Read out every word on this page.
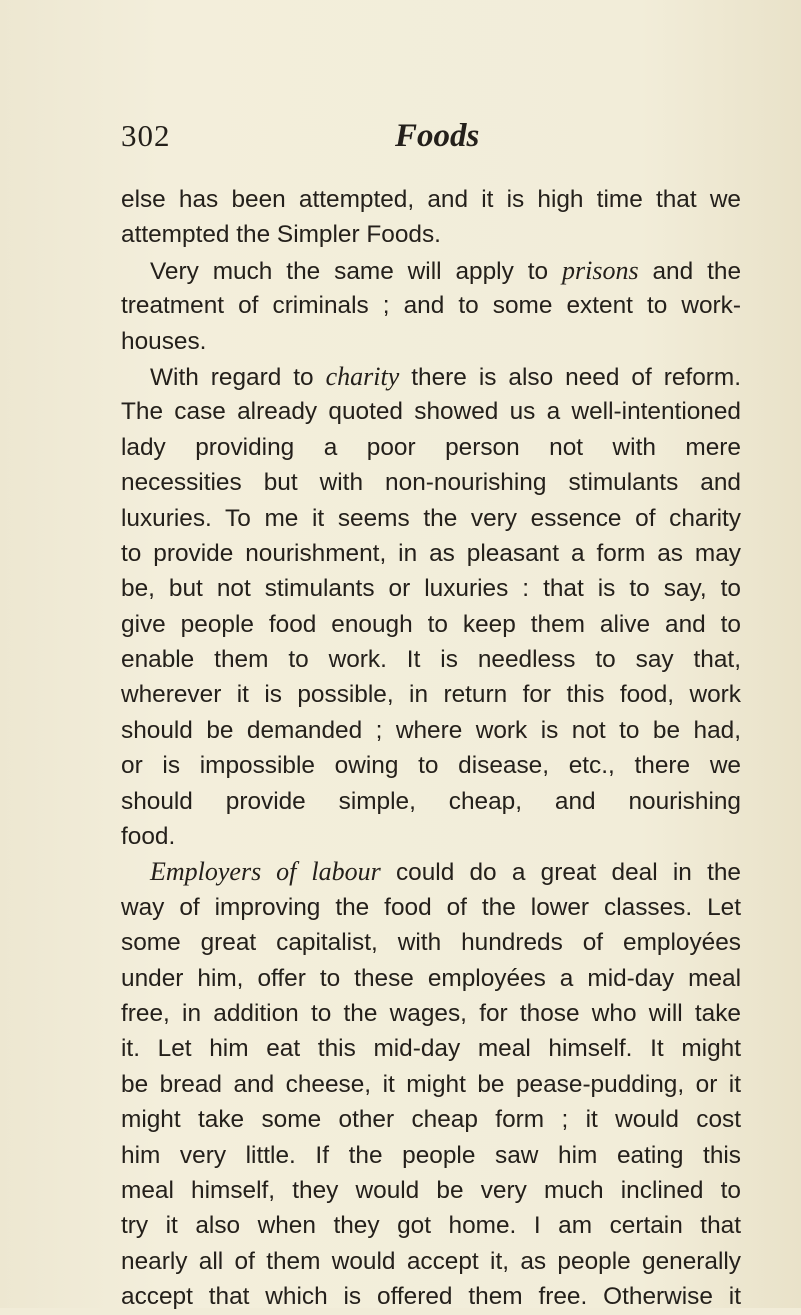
302	Foods
else has been attempted, and it is high time that we
attempted the Simpler Foods.
Very much the same will apply to prisons and the
treatment of criminals ; and to some extent to work-
houses.
With regard to charity there is also need of reform.
The case already quoted showed us a well-intentioned
lady providing a poor person not with mere
necessities but with non-nourishing stimulants and
luxuries. To me it seems the very essence of charity
to provide nourishment, in as pleasant a form as may
be, but not stimulants or luxuries : that is to say, to
give people food enough to keep them alive and to
enable them to work. It is needless to say that,
wherever it is possible, in return for this food, work
should be demanded ; where work is not to be had,
or is impossible owing to disease, etc., there we
should provide simple, cheap, and nourishing
food.
Employers of labour could do a great deal in the
way of improving the food of the lower classes. Let
some great capitalist, with hundreds of employées
under him, offer to these employées a mid-day meal
free, in addition to the wages, for those who will take
it. Let him eat this mid-day meal himself. It might
be bread and cheese, it might be pease-pudding, or it
might take some other cheap form ; it would cost
him very little. If the people saw him eating this
meal himself, they would be very much inclined to
try it also when they got home. I am certain that
nearly all of them would accept it, as people generally
accept that which is offered them free. Otherwise it
